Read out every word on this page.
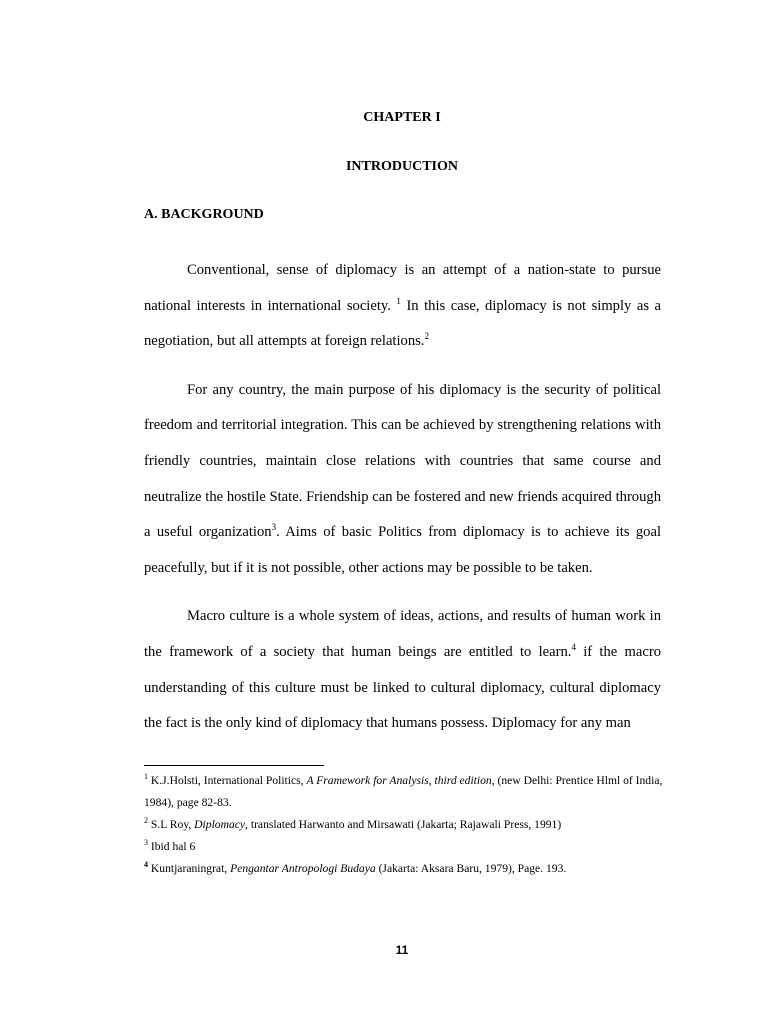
CHAPTER I
INTRODUCTION
A. BACKGROUND

Conventional, sense of diplomacy is an attempt of a nation-state to pursue national interests in international society. $^1$ In this case, diplomacy is not simply as a negotiation, but all attempts at foreign relations.$^2$

For any country, the main purpose of his diplomacy is the security of political freedom and territorial integration. This can be achieved by strengthening relations with friendly countries, maintain close relations with countries that same course and neutralize the hostile State. Friendship can be fostered and new friends acquired through a useful organization$^3$. Aims of basic Politics from diplomacy is to achieve its goal peacefully, but if it is not possible, other actions may be possible to be taken.

Macro culture is a whole system of ideas, actions, and results of human work in the framework of a society that human beings are entitled to learn.$^4$ if the macro understanding of this culture must be linked to cultural diplomacy, cultural diplomacy the fact is the only kind of diplomacy that humans possess. Diplomacy for any man

$^1$ K.J.Holsti, International Politics, A Framework for Analysis, third edition, (new Delhi: Prentice Hlml of India, 1984), page 82-83.
$^2$ S.L Roy, Diplomacy, translated Harwanto and Mirsawati (Jakarta; Rajawali Press, 1991)
$^3$ Ibid hal 6
$^4$ Kuntjaraningrat, Pengantar Antropologi Budaya (Jakarta: Aksara Baru, 1979), Page. 193.
11
